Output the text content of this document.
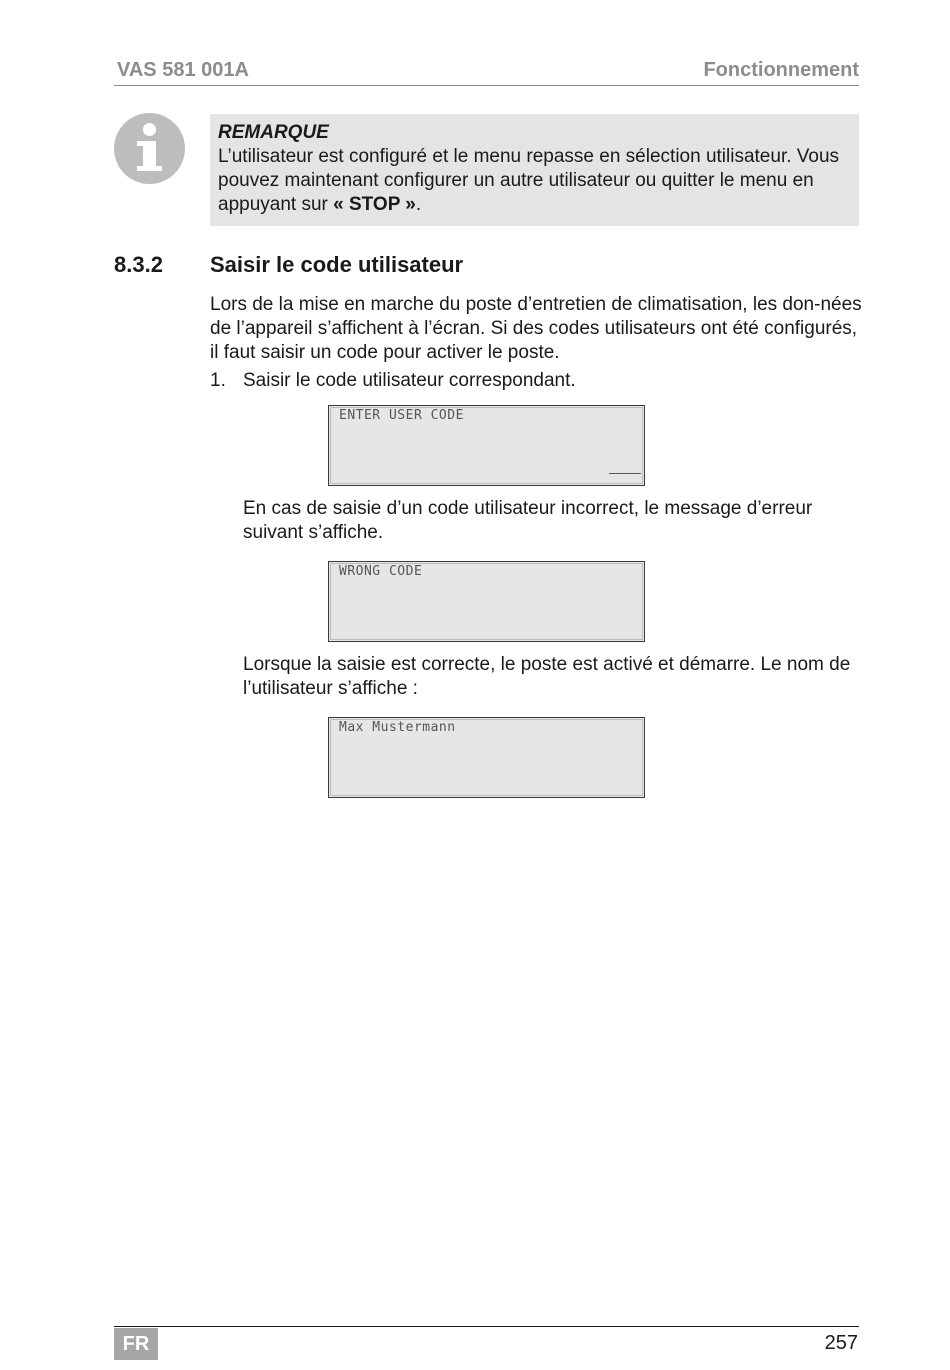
VAS 581 001A	Fonctionnement
REMARQUE
L’utilisateur est configuré et le menu repasse en sélection utilisateur. Vous pouvez maintenant configurer un autre utilisateur ou quitter le menu en appuyant sur « STOP ».
8.3.2 Saisir le code utilisateur
Lors de la mise en marche du poste d’entretien de climatisation, les don-​nées de l’appareil s’affichent à l’écran. Si des codes utilisateurs ont été configurés, il faut saisir un code pour activer le poste.
1. Saisir le code utilisateur correspondant.
ENTER USER CODE
En cas de saisie d’un code utilisateur incorrect, le message d’erreur suivant s’affiche.
WRONG CODE
Lorsque la saisie est correcte, le poste est activé et démarre. Le nom de l’utilisateur s’affiche :
Max Mustermann
FR	257
